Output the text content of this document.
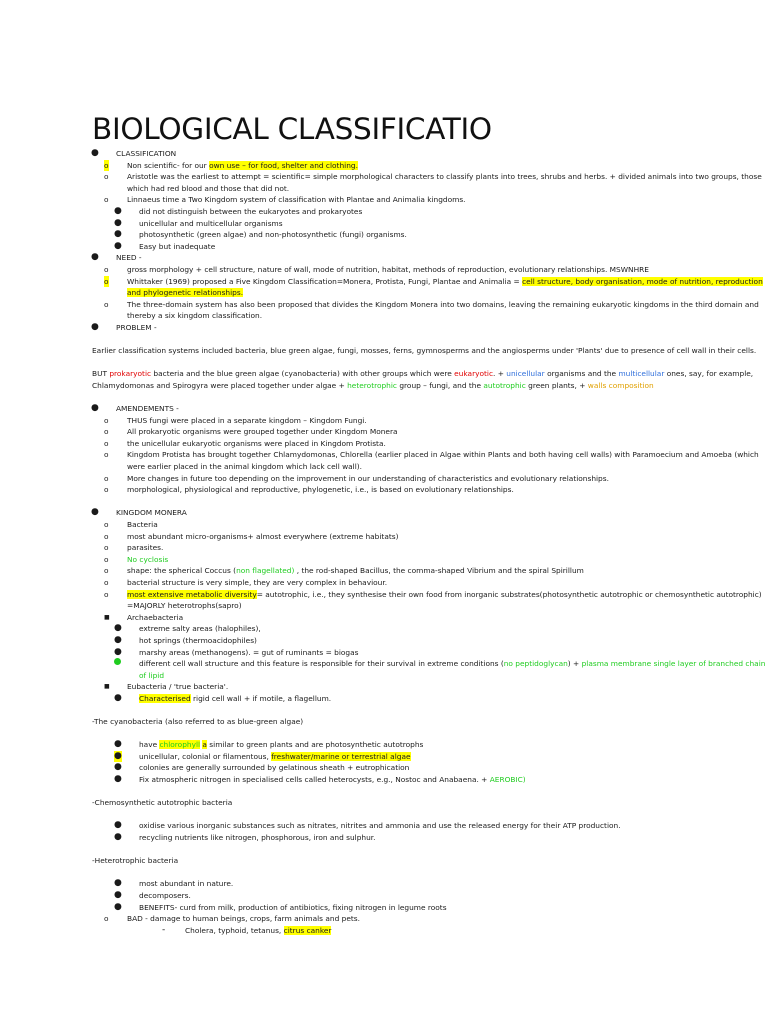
BIOLOGICAL CLASSIFICATIO
● CLASSIFICATION
o Non scientific- for our own use – for food, shelter and clothing.
o Aristotle was the earliest to attempt = scientific= simple morphological characters to classify plants into trees, shrubs and herbs. + divided animals into two groups, those which had red blood and those that did not.
o Linnaeus time a Two Kingdom system of classification with Plantae and Animalia kingdoms.
● did not distinguish between the eukaryotes and prokaryotes
● unicellular and multicellular organisms
● photosynthetic (green algae) and non-photosynthetic (fungi) organisms.
● Easy but inadequate
● NEED -
o gross morphology + cell structure, nature of wall, mode of nutrition, habitat, methods of reproduction, evolutionary relationships. MSWNHRE
o Whittaker (1969) proposed a Five Kingdom Classification=Monera, Protista, Fungi, Plantae and Animalia = cell structure, body organisation, mode of nutrition, reproduction and phylogenetic relationships.
o The three-domain system has also been proposed that divides the Kingdom Monera into two domains, leaving the remaining eukaryotic kingdoms in the third domain and thereby a six kingdom classification.
● PROBLEM -
Earlier classification systems included bacteria, blue green algae, fungi, mosses, ferns, gymnosperms and the angiosperms under 'Plants' due to presence of cell wall in their cells.
BUT prokaryotic bacteria and the blue green algae (cyanobacteria) with other groups which were eukaryotic. + unicellular organisms and the multicellular ones, say, for example, Chlamydomonas and Spirogyra were placed together under algae + heterotrophic group – fungi, and the autotrophic green plants, + walls composition
● AMENDEMENTS -
o THUS fungi were placed in a separate kingdom – Kingdom Fungi.
o All prokaryotic organisms were grouped together under Kingdom Monera
o the unicellular eukaryotic organisms were placed in Kingdom Protista.
o Kingdom Protista has brought together Chlamydomonas, Chlorella (earlier placed in Algae within Plants and both having cell walls) with Paramoecium and Amoeba (which were earlier placed in the animal kingdom which lack cell wall).
o More changes in future too depending on the improvement in our understanding of characteristics and evolutionary relationships.
o morphological, physiological and reproductive, phylogenetic, i.e., is based on evolutionary relationships.
● KINGDOM MONERA
o Bacteria
o most abundant micro-organisms+ almost everywhere (extreme habitats)
o parasites.
o No cyclosis
o shape: the spherical Coccus (non flagellated) , the rod-shaped Bacillus, the comma-shaped Vibrium and the spiral Spirillum
o bacterial structure is very simple, they are very complex in behaviour.
o most extensive metabolic diversity= autotrophic, i.e., they synthesise their own food from inorganic substrates(photosynthetic autotrophic or chemosynthetic autotrophic) =MAJORLY heterotrophs(sapro)
■ Archaebacteria
● extreme salty areas (halophiles),
● hot springs (thermoacidophiles)
● marshy areas (methanogens). = gut of ruminants = biogas
different cell wall structure and this feature is responsible for their survival in extreme conditions (no peptidoglycan) + plasma membrane single layer of branched chain of lipid
■ Eubacteria / 'true bacteria'.
● Characterised rigid cell wall + if motile, a flagellum.
-The cyanobacteria (also referred to as blue-green algae)
● have chlorophyll a similar to green plants and are photosynthetic autotrophs
● unicellular, colonial or filamentous, freshwater/marine or terrestrial algae
● colonies are generally surrounded by gelatinous sheath + eutrophication
● Fix atmospheric nitrogen in specialised cells called heterocysts, e.g., Nostoc and Anabaena. + AEROBIC)
-Chemosynthetic autotrophic bacteria
● oxidise various inorganic substances such as nitrates, nitrites and ammonia and use the released energy for their ATP production.
● recycling nutrients like nitrogen, phosphorous, iron and sulphur.
-Heterotrophic bacteria
● most abundant in nature.
● decomposers.
● BENEFITS- curd from milk, production of antibiotics, fixing nitrogen in legume roots
o BAD - damage to human beings, crops, farm animals and pets.
-	Cholera, typhoid, tetanus, citrus canker
